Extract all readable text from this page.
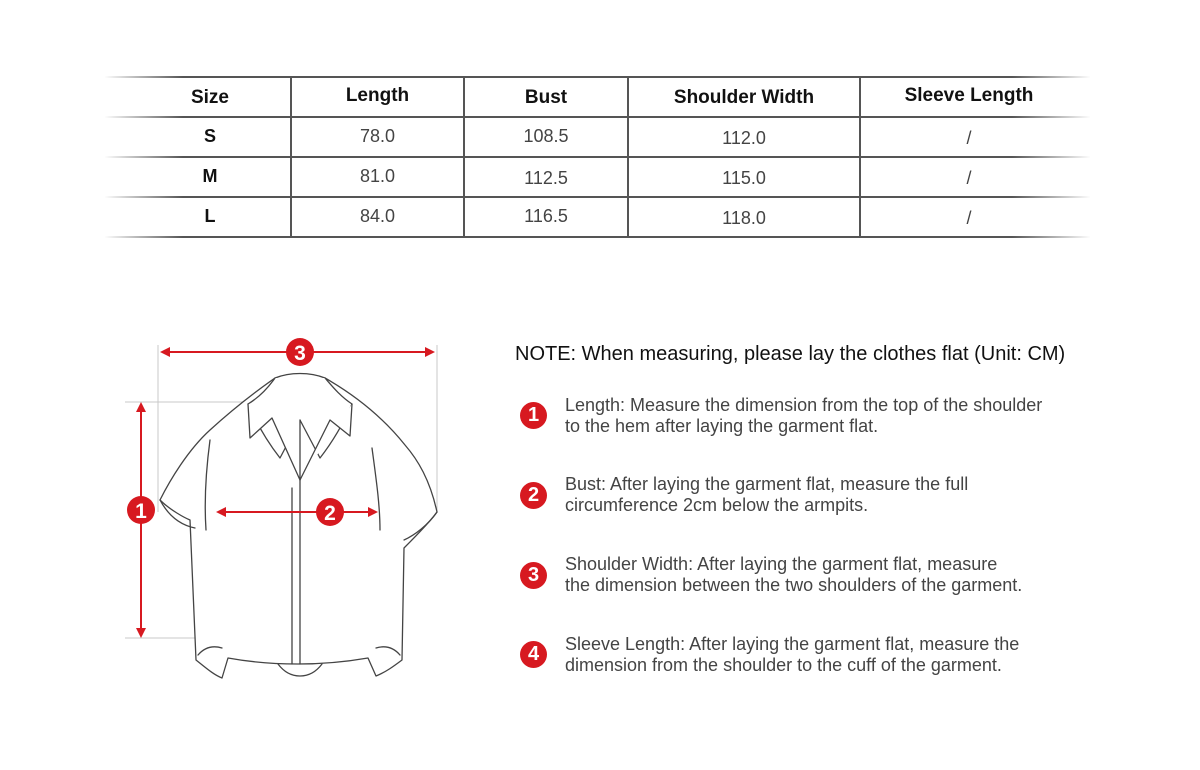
Size	Length	Bust	Shoulder Width	Sleeve Length
S	78.0	108.5	112.0	/
M	81.0	112.5	115.0	/
L	84.0	116.5	118.0	/
3
1	2
NOTE: When measuring, please lay the clothes flat (Unit: CM)
1	Length: Measure the dimension from the top of the shoulder
to the hem after laying the garment flat.
2	Bust: After laying the garment flat, measure the full
circumference 2cm below the armpits.
3	Shoulder Width: After laying the garment flat, measure
the dimension between the two shoulders of the garment.
4	Sleeve Length: After laying the garment flat, measure the
dimension from the shoulder to the cuff of the garment.
